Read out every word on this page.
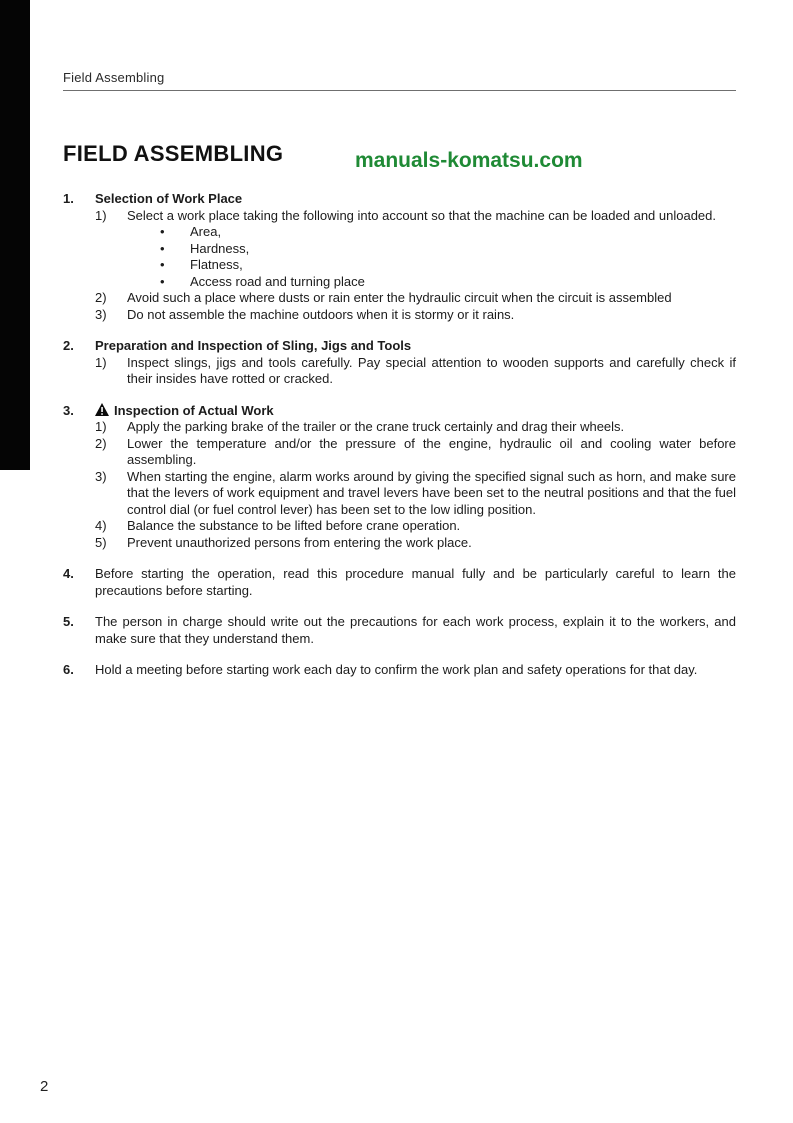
Field Assembling
FIELD ASSEMBLING	manuals-komatsu.com
1.	Selection of Work Place
1)	Select a work place taking the following into account so that the machine can be loaded and unloaded.
•	Area,
•	Hardness,
•	Flatness,
•	Access road and turning place
2)	Avoid such a place where dusts or rain enter the hydraulic circuit when the circuit is assembled
3)	Do not assemble the machine outdoors when it is stormy or it rains.
2.	Preparation and Inspection of Sling, Jigs and Tools
1)	Inspect slings, jigs and tools carefully. Pay special attention to wooden supports and carefully check if their insides have rotted or cracked.
3.	Inspection of Actual Work
1)	Apply the parking brake of the trailer or the crane truck certainly and drag their wheels.
2)	Lower the temperature and/or the pressure of the engine, hydraulic oil and cooling water before assembling.
3)	When starting the engine, alarm works around by giving the specified signal such as horn, and make sure that the levers of work equipment and travel levers have been set to the neutral positions and that the fuel control dial (or fuel control lever) has been set to the low idling position.
4)	Balance the substance to be lifted before crane operation.
5)	Prevent unauthorized persons from entering the work place.
4.	Before starting the operation, read this procedure manual fully and be particularly careful to learn the precautions before starting.
5.	The person in charge should write out the precautions for each work process, explain it to the workers, and make sure that they understand them.
6.	Hold a meeting before starting work each day to confirm the work plan and safety operations for that day.
2
